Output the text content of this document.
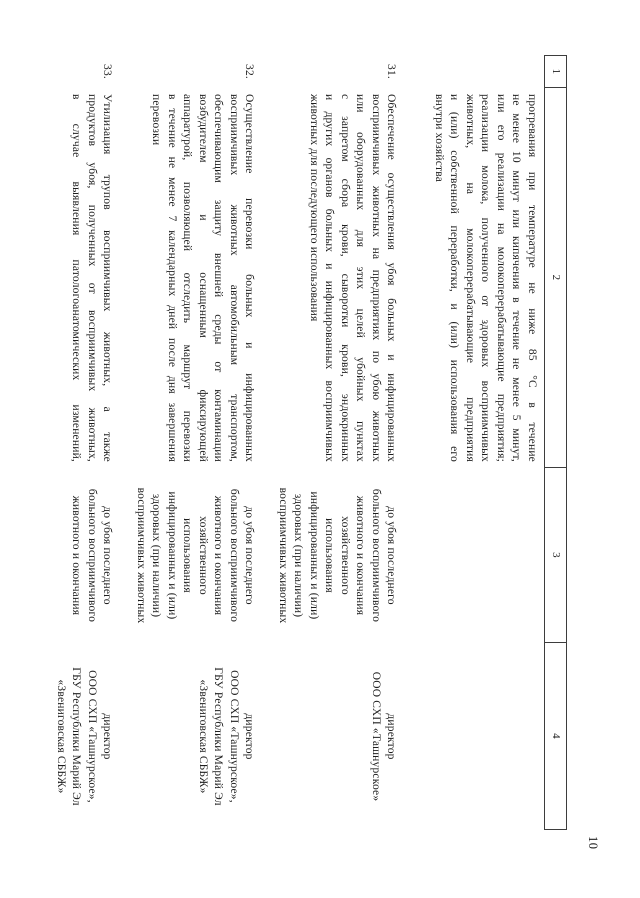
10
1
2
3
4
прогревания при температуре не ниже 85 °С в течение
не менее 10 минут или кипячения в течение не менее 5 минут,
или его реализации на молокоперерабатывающие предприятия;
реализации молока, полученного от здоровых восприимчивых
животных, на молокоперерабатывающие предприятия
и (или) собственной переработки, и (или) использования его
внутри хозяйства
31.
Обеспечение осуществления убоя больных и инфицированных
восприимчивых животных на предприятиях по убою животных
или оборудованных для этих целей убойных пунктах
с запретом сбора крови, сыворотки крови, эндокринных
и других органов больных и инфицированных восприимчивых
животных для последующего использования
до убоя последнего
больного восприимчивого
животного и окончания
хозяйственного
использования
инфицированных и (или)
здоровых (при наличии)
восприимчивых животных
директор
ООО СХП «Ташнурское»
32.
Осуществление перевозки больных и инфицированных
восприимчивых животных автомобильным транспортом,
обеспечивающим защиту внешней среды от контаминации
возбудителем и оснащенным фиксирующей
аппаратурой, позволяющей отследить маршрут перевозки
в течение не менее 7 календарных дней после дня завершения
перевозки
до убоя последнего
больного восприимчивого
животного и окончания
хозяйственного
использования
инфицированных и (или)
здоровых (при наличии)
восприимчивых животных
директор
ООО СХП «Ташнурское»,
ГБУ Республики Марий Эл
«Звениговская СББЖ»
33.
Утилизация трупов восприимчивых животных, а также
продуктов убоя, полученных от восприимчивых животных,
в случае выявления патологоанатомических изменений,
до убоя последнего
больного восприимчивого
животного и окончания
директор
ООО СХП «Ташнурское»,
ГБУ Республики Марий Эл
«Звениговская СББЖ»
